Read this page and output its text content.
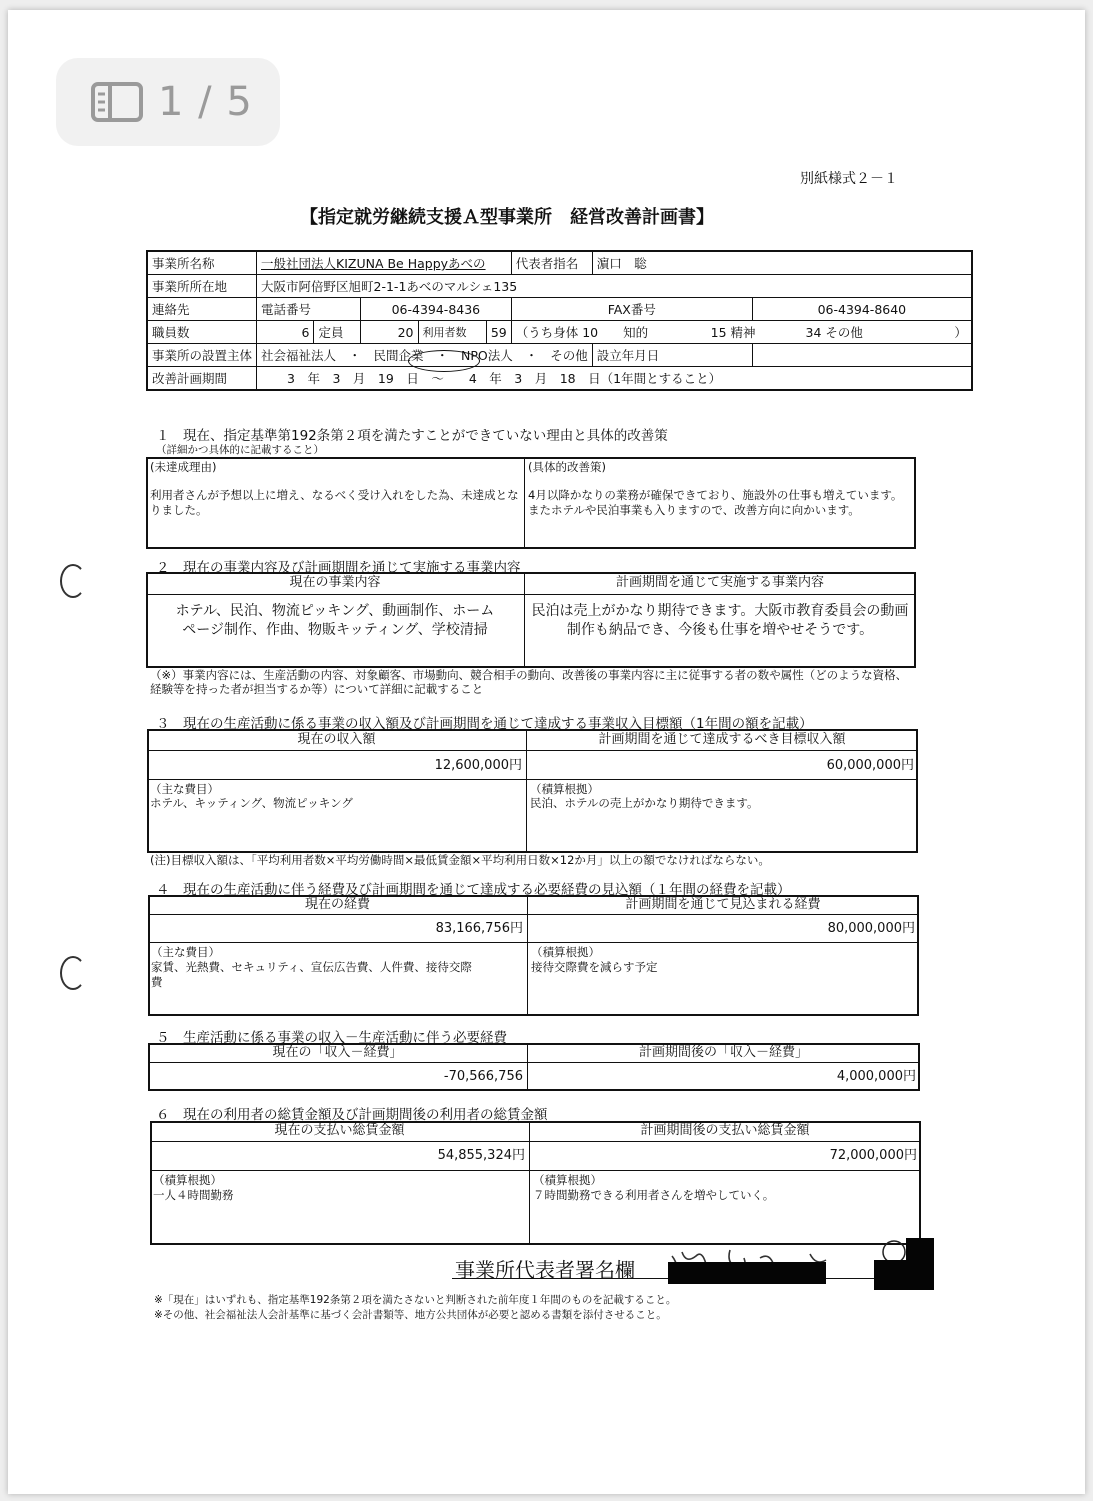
1 / 5
別紙様式２－１
【指定就労継続支援Ａ型事業所　経営改善計画書】
事業所名称	一般社団法人KIZUNA Be Happyあべの					代表者指名	濵口　聡	
事業所所在地	大阪市阿倍野区旭町2-1-1あべのマルシェ135							
連絡先	電話番号		06-4394-8436			FAX番号		06-4394-8640
職員数	6	定員	20	利用者数	59	（うち身体 10　　知的　　　　　15 精神　　　　34 その他　　　　　　　 ）		
事業所の設置主体	社会福祉法人　・　民間企業　・　NPO法人　・　その他						設立年月日	
改善計画期間	3　年　3　月　19　日　～　　4　年　3　月　18　日（1年間とすること）							
１　現在、指定基準第192条第２項を満たすことができていない理由と具体的改善策
（詳細かつ具体的に記載すること）
(未達成理由)
利用者さんが予想以上に増え、なるべく受け入れをした為、未達成となりました。
(具体的改善策)
4月以降かなりの業務が確保できており、施設外の仕事も増えています。またホテルや民泊事業も入りますので、改善方向に向かいます。
２　現在の事業内容及び計画期間を通じて実施する事業内容
現在の事業内容	計画期間を通じて実施する事業内容
ホテル、民泊、物流ピッキング、動画制作、ホームページ制作、作曲、物販キッティング、学校清掃
民泊は売上がかなり期待できます。大阪市教育委員会の動画制作も納品でき、今後も仕事を増やせそうです。
（※）事業内容には、生産活動の内容、対象顧客、市場動向、競合相手の動向、改善後の事業内容に主に従事する者の数や属性（どのような資格、経験等を持った者が担当するか等）について詳細に記載すること
３　現在の生産活動に係る事業の収入額及び計画期間を通じて達成する事業収入目標額（1年間の額を記載）
現在の収入額	計画期間を通じて達成するべき目標収入額
12,600,000円	60,000,000円
（主な費目）
ホテル、キッティング、物流ピッキング
（積算根拠）
民泊、ホテルの売上がかなり期待できます。
(注)目標収入額は、「平均利用者数×平均労働時間×最低賃金額×平均利用日数×12か月」以上の額でなければならない。
４　現在の生産活動に伴う経費及び計画期間を通じて達成する必要経費の見込額（１年間の経費を記載）
現在の経費	計画期間を通じて見込まれる経費
83,166,756円	80,000,000円
（主な費目）
家賃、光熱費、セキュリティ、宣伝広告費、人件費、接待交際費
（積算根拠）
接待交際費を減らす予定
５　生産活動に係る事業の収入－生産活動に伴う必要経費
現在の「収入－経費」	計画期間後の「収入－経費」
-70,566,756	4,000,000円
６　現在の利用者の総賃金額及び計画期間後の利用者の総賃金額
現在の支払い総賃金額	計画期間後の支払い総賃金額
54,855,324円	72,000,000円
（積算根拠）
一人４時間勤務
（積算根拠）
７時間勤務できる利用者さんを増やしていく。
事業所代表者署名欄
※「現在」はいずれも、指定基準192条第２項を満たさないと判断された前年度１年間のものを記載すること。
※その他、社会福祉法人会計基準に基づく会計書類等、地方公共団体が必要と認める書類を添付させること。
